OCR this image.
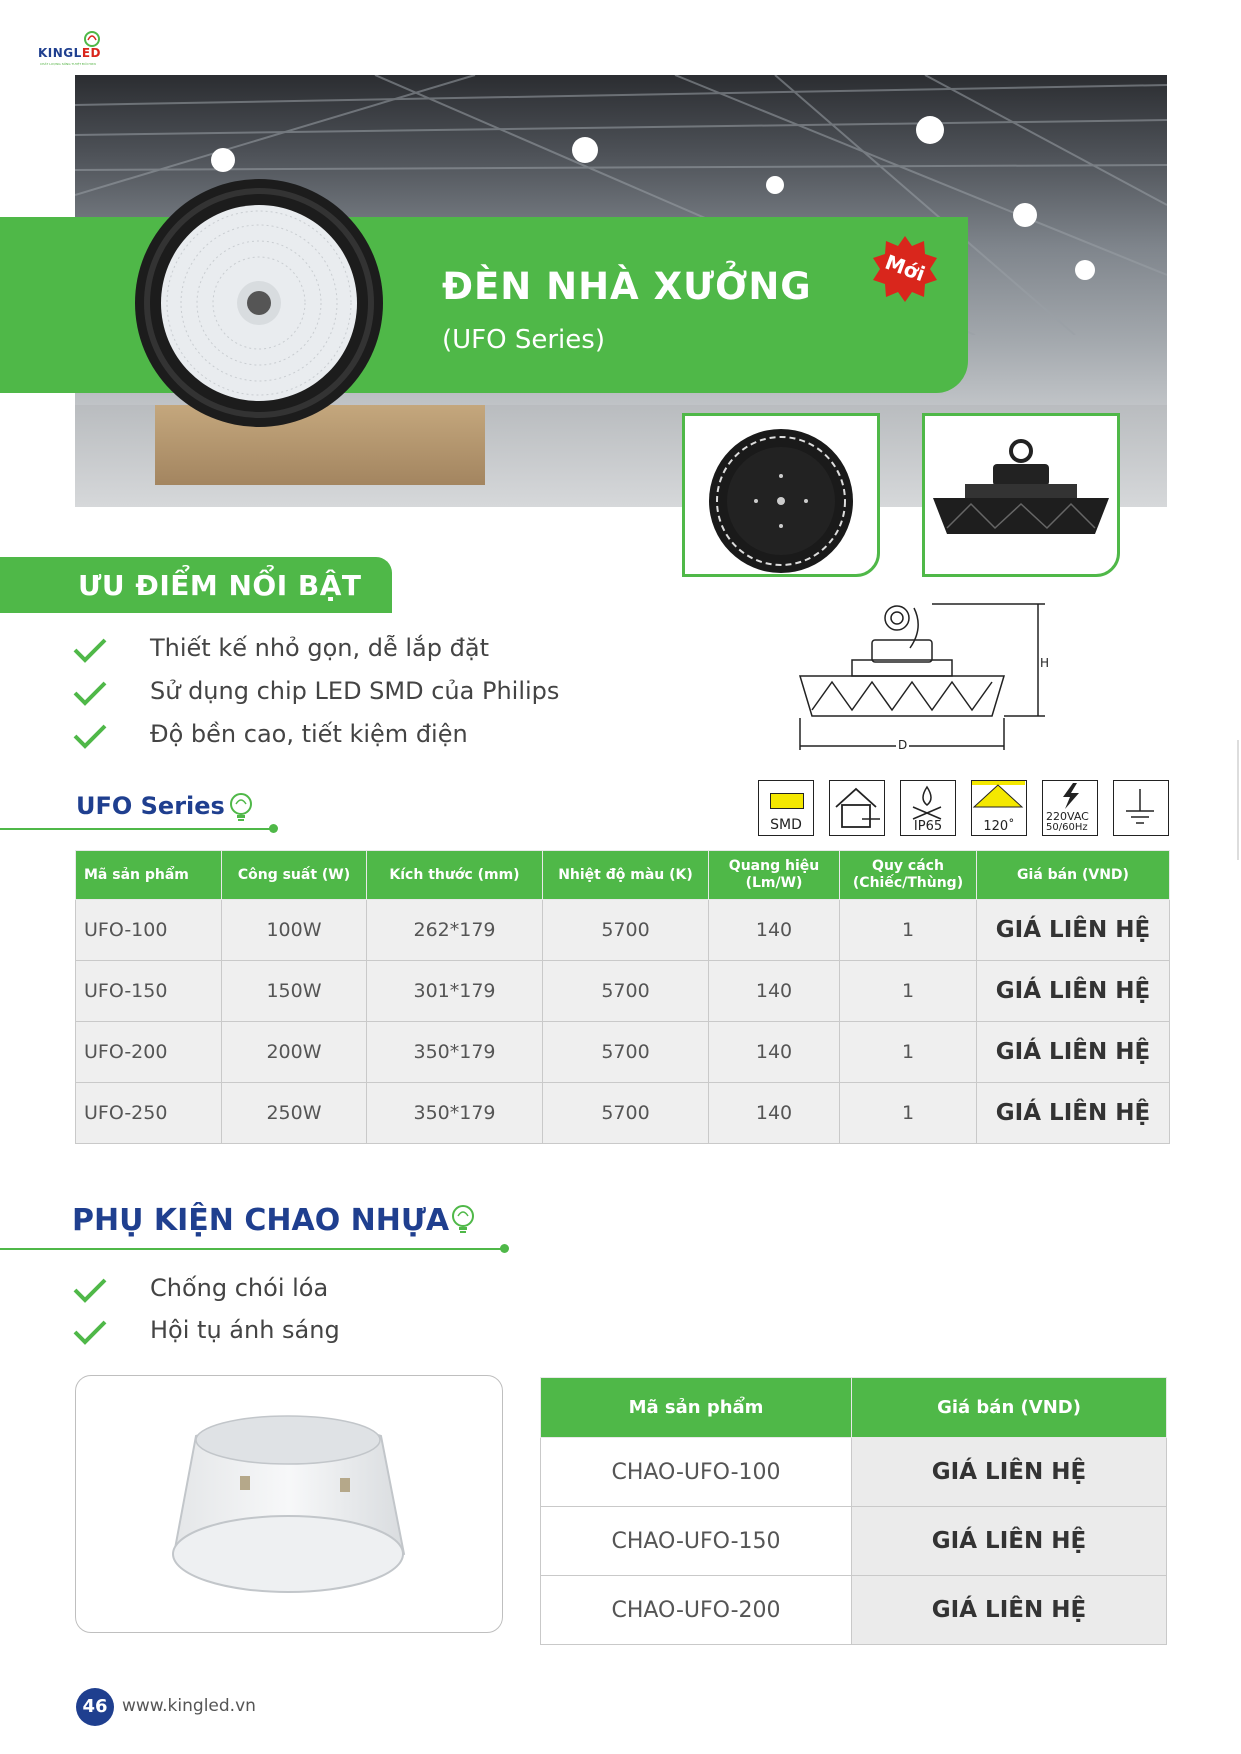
KINGLED
CHẤT LƯỢNG SỐNG TUYỆT ĐỐI HƠN
ĐÈN NHÀ XƯỞNG
(UFO Series)
Mới
ƯU ĐIỂM NỔI BẬT
Thiết kế nhỏ gọn, dễ lắp đặt
Sử dụng chip LED SMD của Philips
Độ bền cao, tiết kiệm điện
H
D
UFO Series
SMD	IP65	120˚
220VAC
50/60Hz
Mã sản phẩm	Công suất (W)	Kích thước (mm)	Nhiệt độ màu (K)	Quang hiệu (Lm/W)	Quy cách (Chiếc/Thùng)	Giá bán (VND)
UFO-100	100W	262*179	5700	140	1	GIÁ LIÊN HỆ
UFO-150	150W	301*179	5700	140	1	GIÁ LIÊN HỆ
UFO-200	200W	350*179	5700	140	1	GIÁ LIÊN HỆ
UFO-250	250W	350*179	5700	140	1	GIÁ LIÊN HỆ
PHỤ KIỆN CHAO NHỰA
Chống chói lóa
Hội tụ ánh sáng
Mã sản phẩm	Giá bán (VND)
CHAO-UFO-100	GIÁ LIÊN HỆ
CHAO-UFO-150	GIÁ LIÊN HỆ
CHAO-UFO-200	GIÁ LIÊN HỆ
46 www.kingled.vn
